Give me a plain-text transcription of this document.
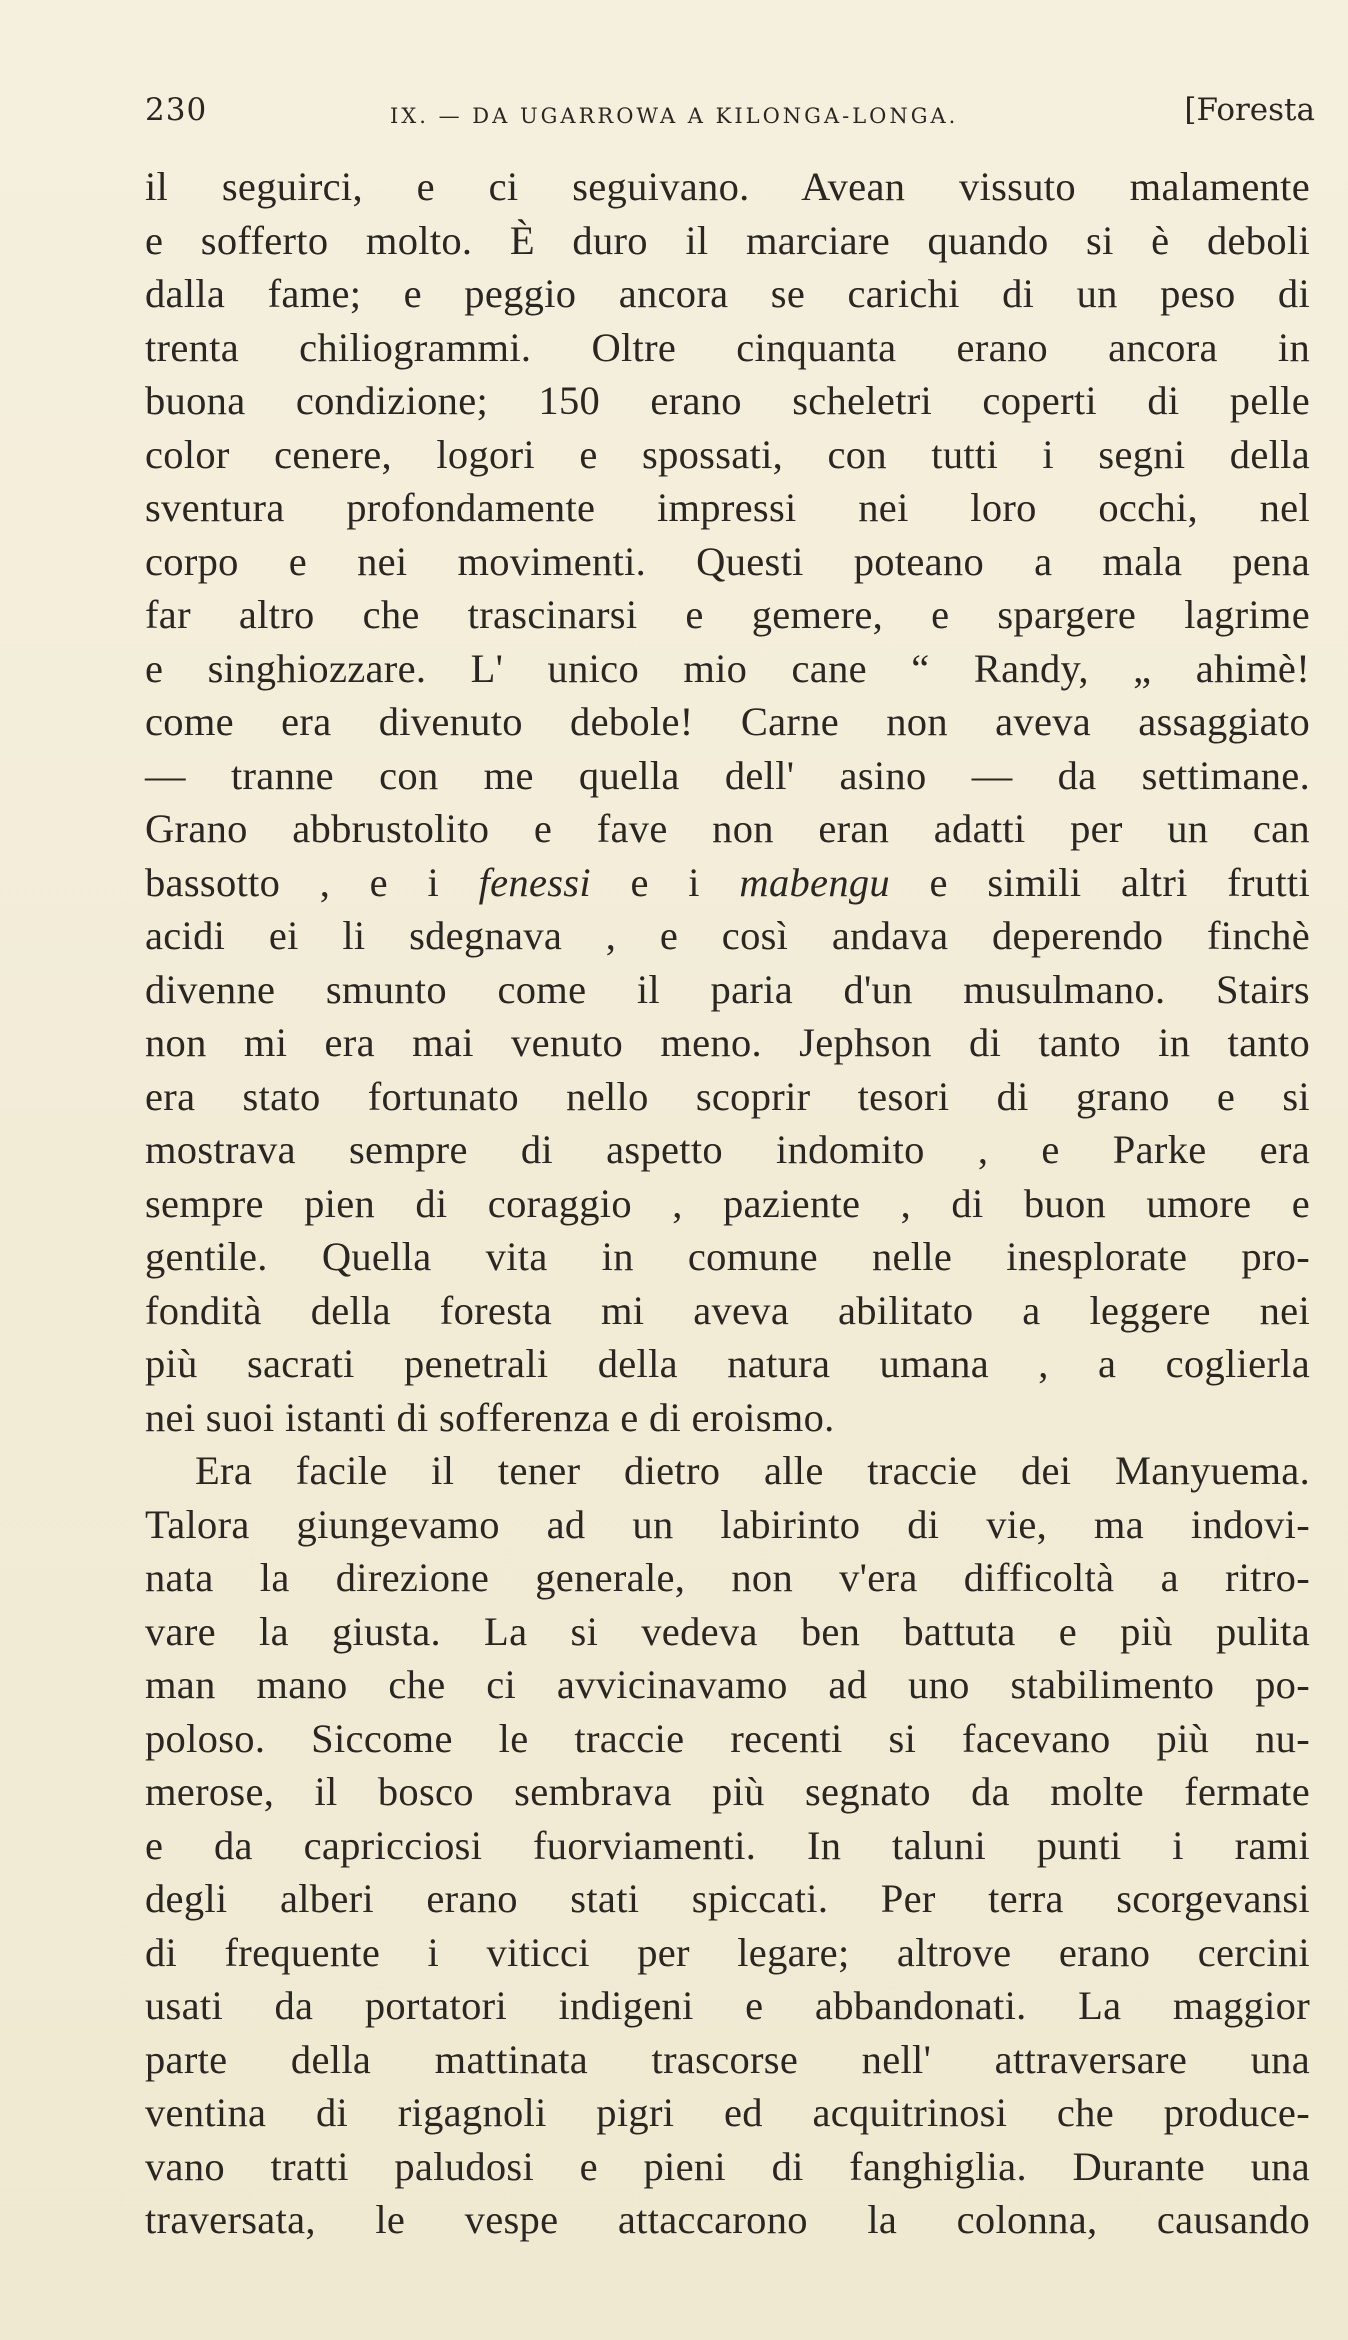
230	IX. — DA UGARROWA A KILONGA-LONGA.	[Foresta
il seguirci, e ci seguivano. Avean vissuto malamente
e sofferto molto. È duro il marciare quando si è deboli
dalla fame; e peggio ancora se carichi di un peso di
trenta chiliogrammi. Oltre cinquanta erano ancora in
buona condizione; 150 erano scheletri coperti di pelle
color cenere, logori e spossati, con tutti i segni della
sventura profondamente impressi nei loro occhi, nel
corpo e nei movimenti. Questi poteano a mala pena
far altro che trascinarsi e gemere, e spargere lagrime
e singhiozzare. L' unico mio cane “ Randy, „ ahimè!
come era divenuto debole! Carne non aveva assaggiato
— tranne con me quella dell' asino — da settimane.
Grano abbrustolito e fave non eran adatti per un can
bassotto , e i fenessi e i mabengu e simili altri frutti
acidi ei li sdegnava , e così andava deperendo finchè
divenne smunto come il paria d'un musulmano. Stairs
non mi era mai venuto meno. Jephson di tanto in tanto
era stato fortunato nello scoprir tesori di grano e si
mostrava sempre di aspetto indomito , e Parke era
sempre pien di coraggio , paziente , di buon umore e
gentile. Quella vita in comune nelle inesplorate pro-
fondità della foresta mi aveva abilitato a leggere nei
più sacrati penetrali della natura umana , a coglierla
nei suoi istanti di sofferenza e di eroismo.
Era facile il tener dietro alle traccie dei Manyuema.
Talora giungevamo ad un labirinto di vie, ma indovi-
nata la direzione generale, non v'era difficoltà a ritro-
vare la giusta. La si vedeva ben battuta e più pulita
man mano che ci avvicinavamo ad uno stabilimento po-
poloso. Siccome le traccie recenti si facevano più nu-
merose, il bosco sembrava più segnato da molte fermate
e da capricciosi fuorviamenti. In taluni punti i rami
degli alberi erano stati spiccati. Per terra scorgevansi
di frequente i viticci per legare; altrove erano cercini
usati da portatori indigeni e abbandonati. La maggior
parte della mattinata trascorse nell' attraversare una
ventina di rigagnoli pigri ed acquitrinosi che produce-
vano tratti paludosi e pieni di fanghiglia. Durante una
traversata, le vespe attaccarono la colonna, causando
